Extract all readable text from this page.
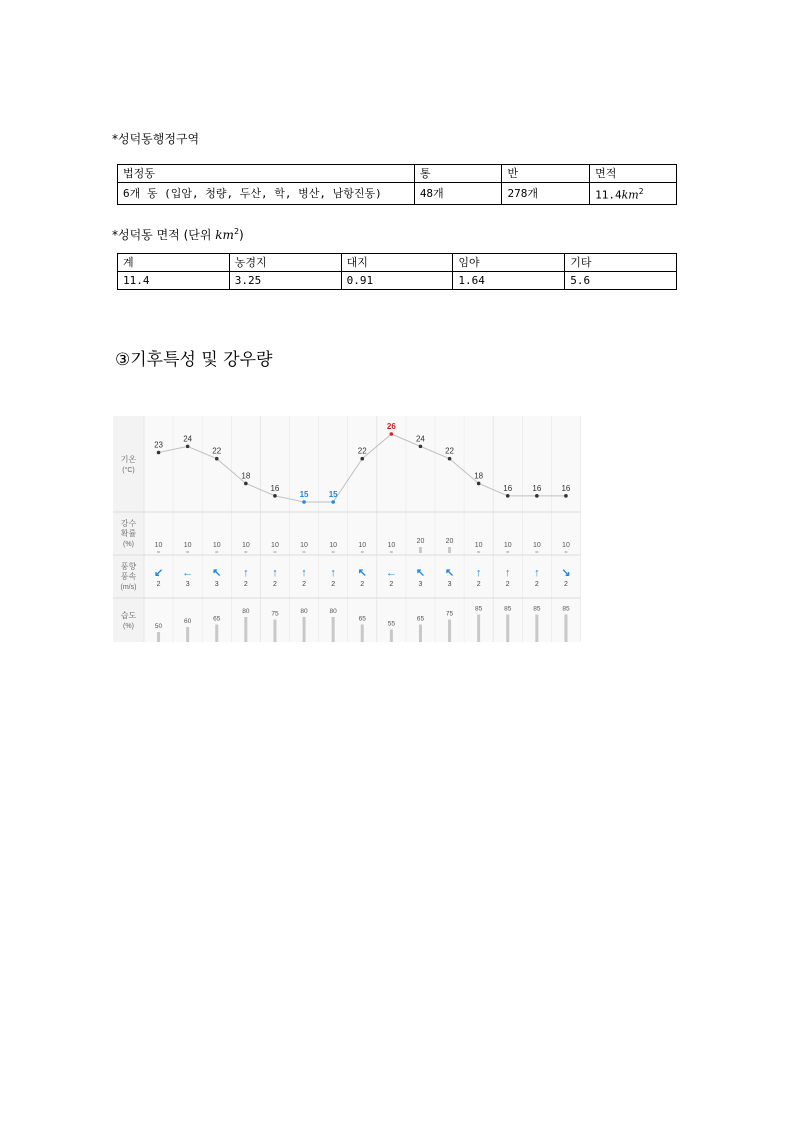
*성덕동행정구역
법정동	통	반	면적
6개 동 (입암, 청량, 두산, 학, 병산, 남항진동)	48개	278개	$11.4km^2$
*성덕동 면적 (단위 $km^2$)
계	농경지	대지	임야	기타
11.4	3.25	0.91	1.64	5.6
③기후특성 및 강우량
기온
(°C)
강수
확률
(%)
풍향
풍속
(m/s)
습도
(%)
23
24
22
18
16
15	15
22
26
24
22
18
16	16	16
10	10	10	10	10	10	10	10	10
20	20
10	10	10	10
↙
2
←
3
↖
3
↑
2
↑
2
↑
2
↑
2
↖
2
←
2
↖
3
↖
3
↑
2
↑
2
↑
2
↘
2
50
60	65
80	75	80	80
65
55
65
75
85	85	85	85
